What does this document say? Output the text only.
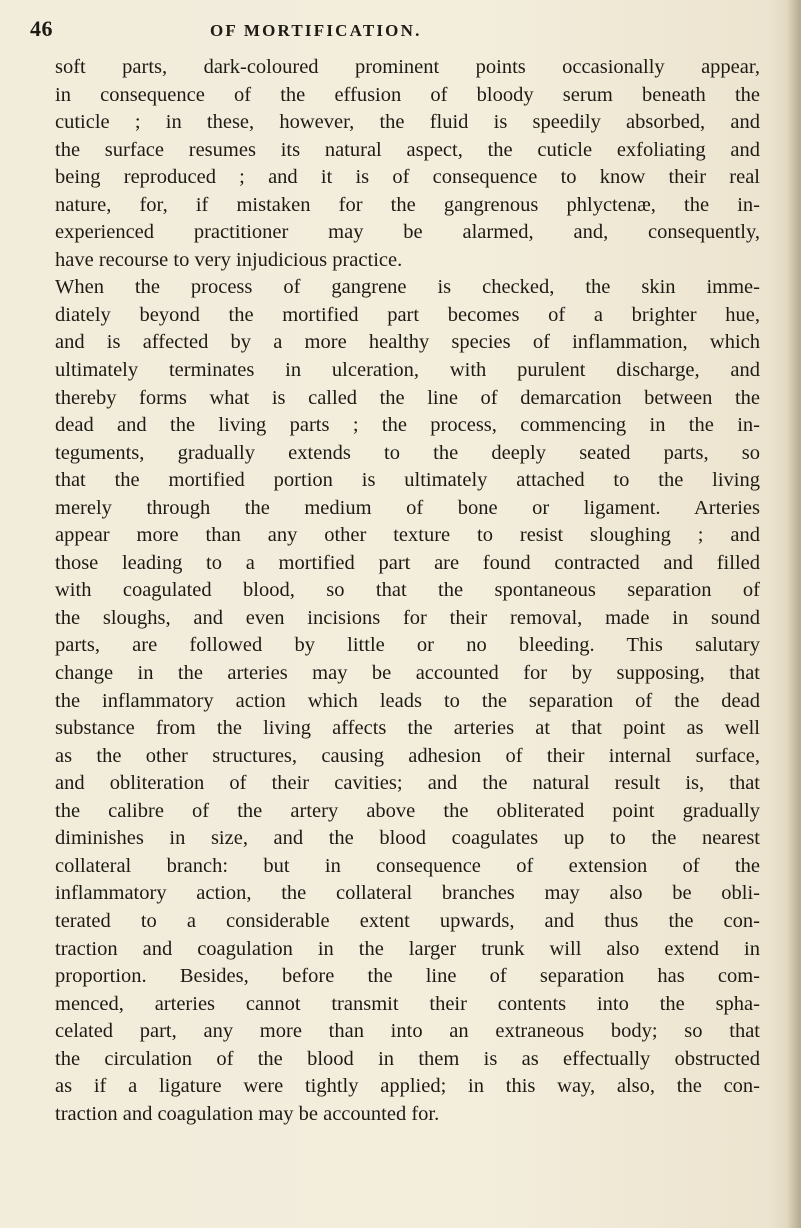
46	OF MORTIFICATION.
soft parts, dark-coloured prominent points occasionally appear,
in consequence of the effusion of bloody serum beneath the
cuticle ; in these, however, the fluid is speedily absorbed, and
the surface resumes its natural aspect, the cuticle exfoliating and
being reproduced ; and it is of consequence to know their real
nature, for, if mistaken for the gangrenous phlyctenæ, the in-
experienced practitioner may be alarmed, and, consequently,
have recourse to very injudicious practice.
When the process of gangrene is checked, the skin imme-
diately beyond the mortified part becomes of a brighter hue,
and is affected by a more healthy species of inflammation, which
ultimately terminates in ulceration, with purulent discharge, and
thereby forms what is called the line of demarcation between the
dead and the living parts ; the process, commencing in the in-
teguments, gradually extends to the deeply seated parts, so
that the mortified portion is ultimately attached to the living
merely through the medium of bone or ligament. Arteries
appear more than any other texture to resist sloughing ; and
those leading to a mortified part are found contracted and filled
with coagulated blood, so that the spontaneous separation of
the sloughs, and even incisions for their removal, made in sound
parts, are followed by little or no bleeding. This salutary
change in the arteries may be accounted for by supposing, that
the inflammatory action which leads to the separation of the dead
substance from the living affects the arteries at that point as well
as the other structures, causing adhesion of their internal surface,
and obliteration of their cavities; and the natural result is, that
the calibre of the artery above the obliterated point gradually
diminishes in size, and the blood coagulates up to the nearest
collateral branch: but in consequence of extension of the
inflammatory action, the collateral branches may also be obli-
terated to a considerable extent upwards, and thus the con-
traction and coagulation in the larger trunk will also extend in
proportion. Besides, before the line of separation has com-
menced, arteries cannot transmit their contents into the spha-
celated part, any more than into an extraneous body; so that
the circulation of the blood in them is as effectually obstructed
as if a ligature were tightly applied; in this way, also, the con-
traction and coagulation may be accounted for.
